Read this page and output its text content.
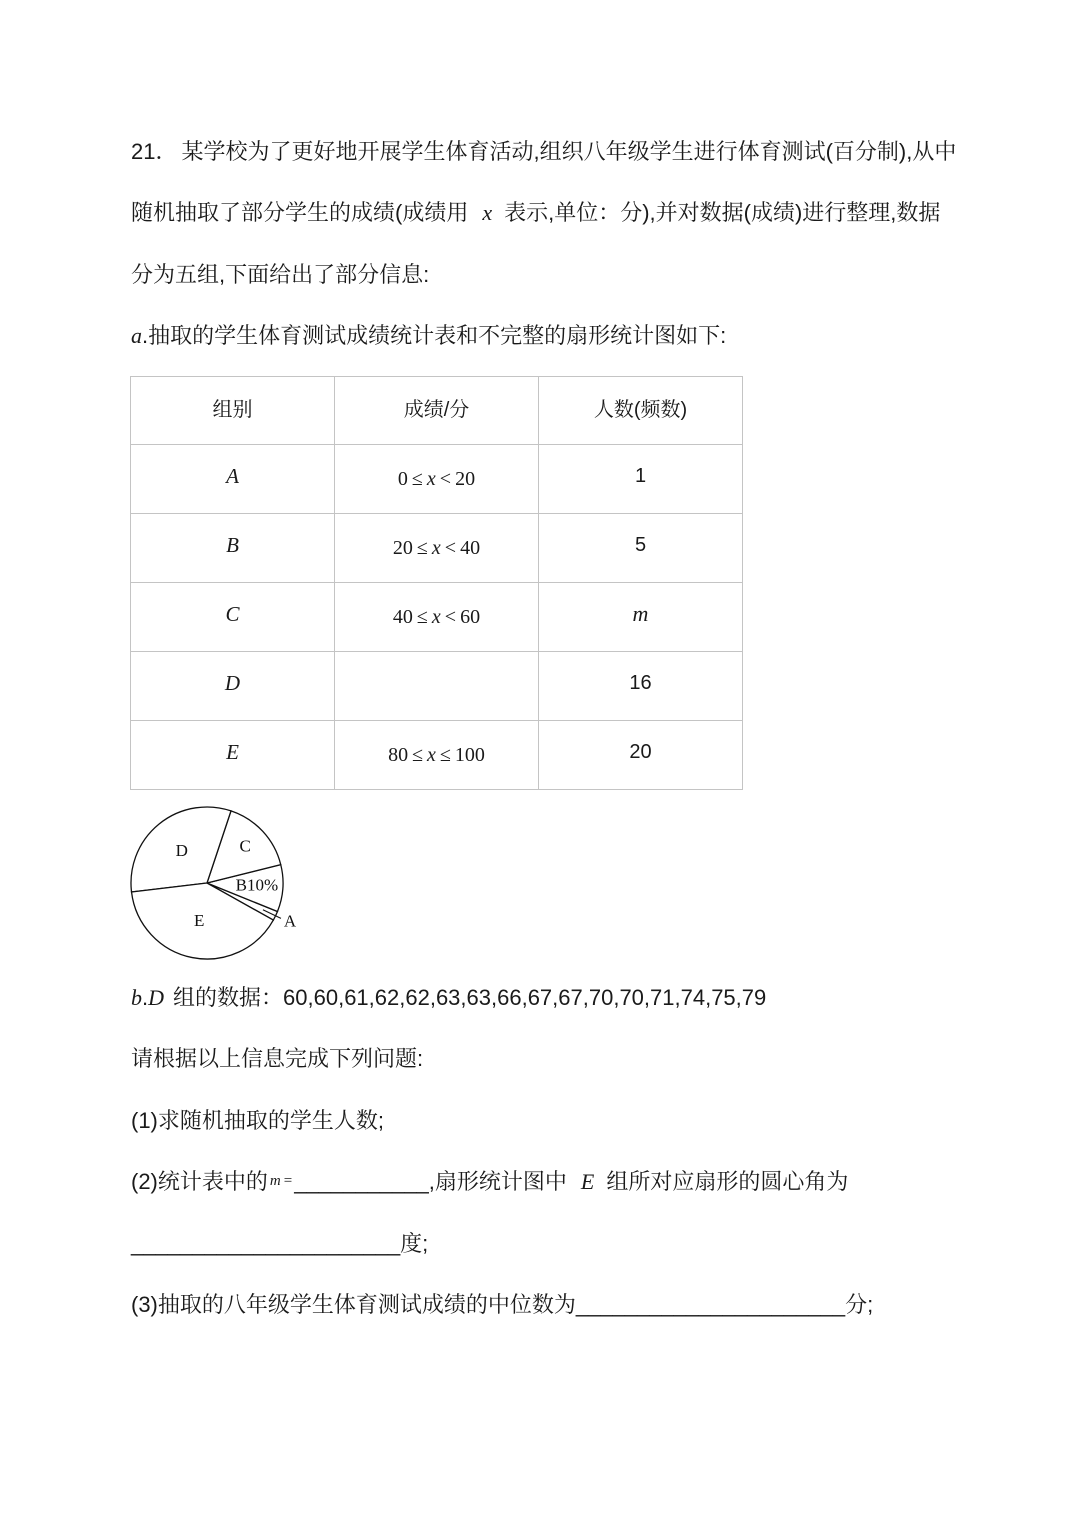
21． 某学校为了更好地开展学生体育活动,组织八年级学生进行体育测试(百分制),从中
随机抽取了部分学生的成绩(成绩用 x 表示,单位：分),并对数据(成绩)进行整理,数据
分为五组,下面给出了部分信息:
a.抽取的学生体育测试成绩统计表和不完整的扇形统计图如下:
组别	成绩/分	人数(频数)
A	0 ≤ x < 20	1
B	20 ≤ x < 40	5
C	40 ≤ x < 60	m
D		16
E	80 ≤ x ≤ 100	20
A
B10%
C
D
E
b.D 组的数据：60,60,61,62,62,63,63,66,67,67,70,70,71,74,75,79
请根据以上信息完成下列问题:
(1)求随机抽取的学生人数;
(2)统计表中的 m =___________,扇形统计图中 E 组所对应扇形的圆心角为
______________________度;
(3)抽取的八年级学生体育测试成绩的中位数为______________________分;
